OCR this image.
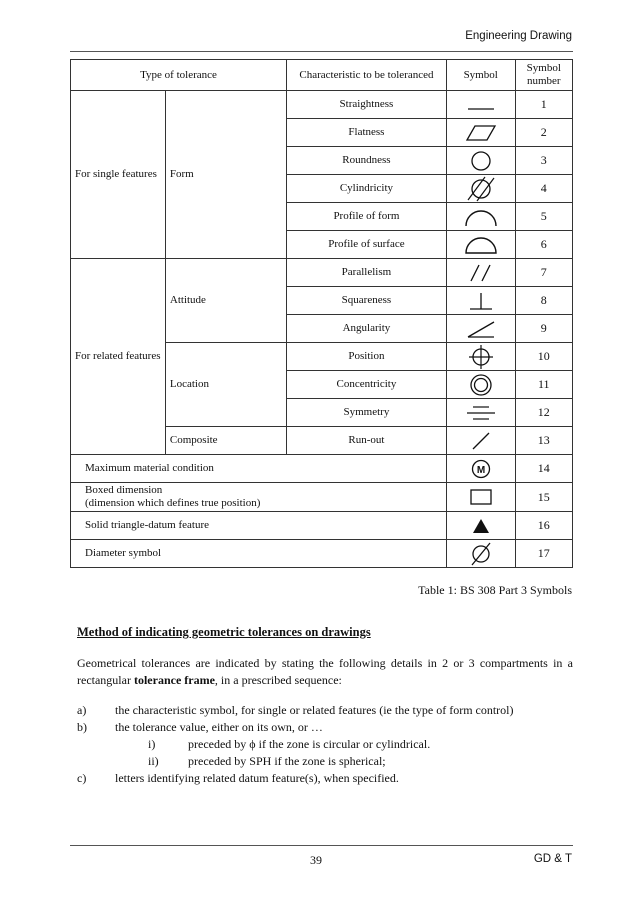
Engineering Drawing
Type of tolerance		Characteristic to be toleranced	Symbol	Symbol number
For single features	Form	Straightness		1
		Flatness		2
		Roundness		3
		Cylindricity		4
		Profile of form		5
		Profile of surface		6
For related features	Attitude	Parallelism		7
		Squareness		8
		Angularity		9
	Location	Position		10
		Concentricity		11
		Symmetry		12
	Composite	Run-out		13
Maximum material condition			M	14

Boxed dimension
(dimension which defines true position)				15
Solid triangle-datum feature				16
Diameter symbol				17
Table 1: BS 308 Part 3 Symbols
Method of indicating geometric tolerances on drawings
Geometrical tolerances are indicated by stating the following details in 2 or 3 compartments in a rectangular tolerance frame, in a prescribed sequence:
a) the characteristic symbol, for single or related features (ie the type of form control)
b) the tolerance value, either on its own, or …
i)	preceded by ϕ if the zone is circular or cylindrical.
ii) preceded by SPH if the zone is spherical;
c) letters identifying related datum feature(s), when specified.
39	GD & T
